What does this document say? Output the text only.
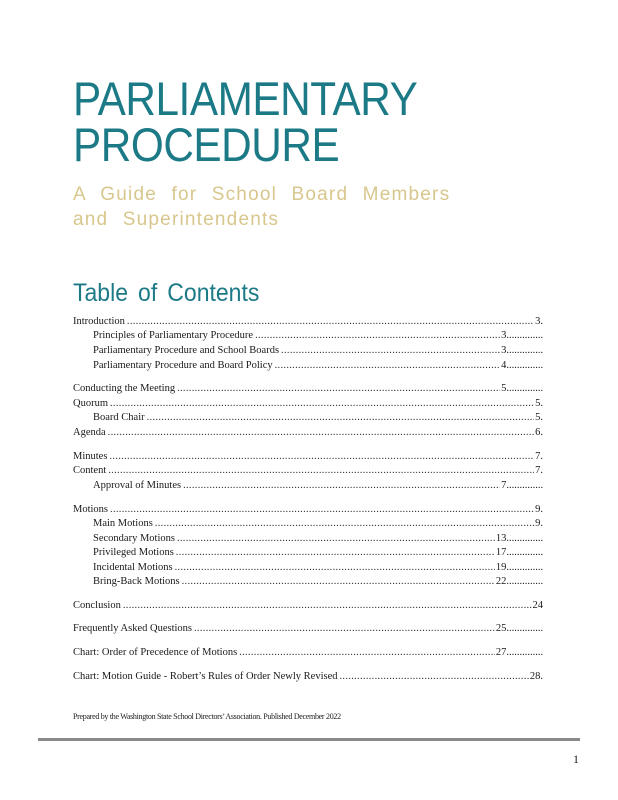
PARLIAMENTARY
PROCEDURE
A Guide for School Board Members
and Superintendents
Table of Contents
Introduction .....	3.
Principles of Parliamentary Procedure .....	3.
.....
Parliamentary Procedure and School Boards .....	3.
.....
Parliamentary Procedure and Board Policy .....	4.
.....
Conducting the Meeting .....	5.
.....
Quorum .....	5.
Board Chair .....	5.
Agenda .....	6.
Minutes .....	7.
Content .....	7.
Approval of Minutes .....	7.
.....
Motions .....	9.
Main Motions .....	9.
Secondary Motions .....	13.
.....
Privileged Motions .....	17.
.....
Incidental Motions .....	19.
.....
Bring-Back Motions .....	22.
.....
Conclusion .....	24
Frequently Asked Questions .....	25.
.....
Chart: Order of Precedence of Motions .....	27.
.....
Chart: Motion Guide - Robert’s Rules of Order Newly Revised .....	28.
Prepared by the Washington State School Directors’ Association. Published December 2022
1
